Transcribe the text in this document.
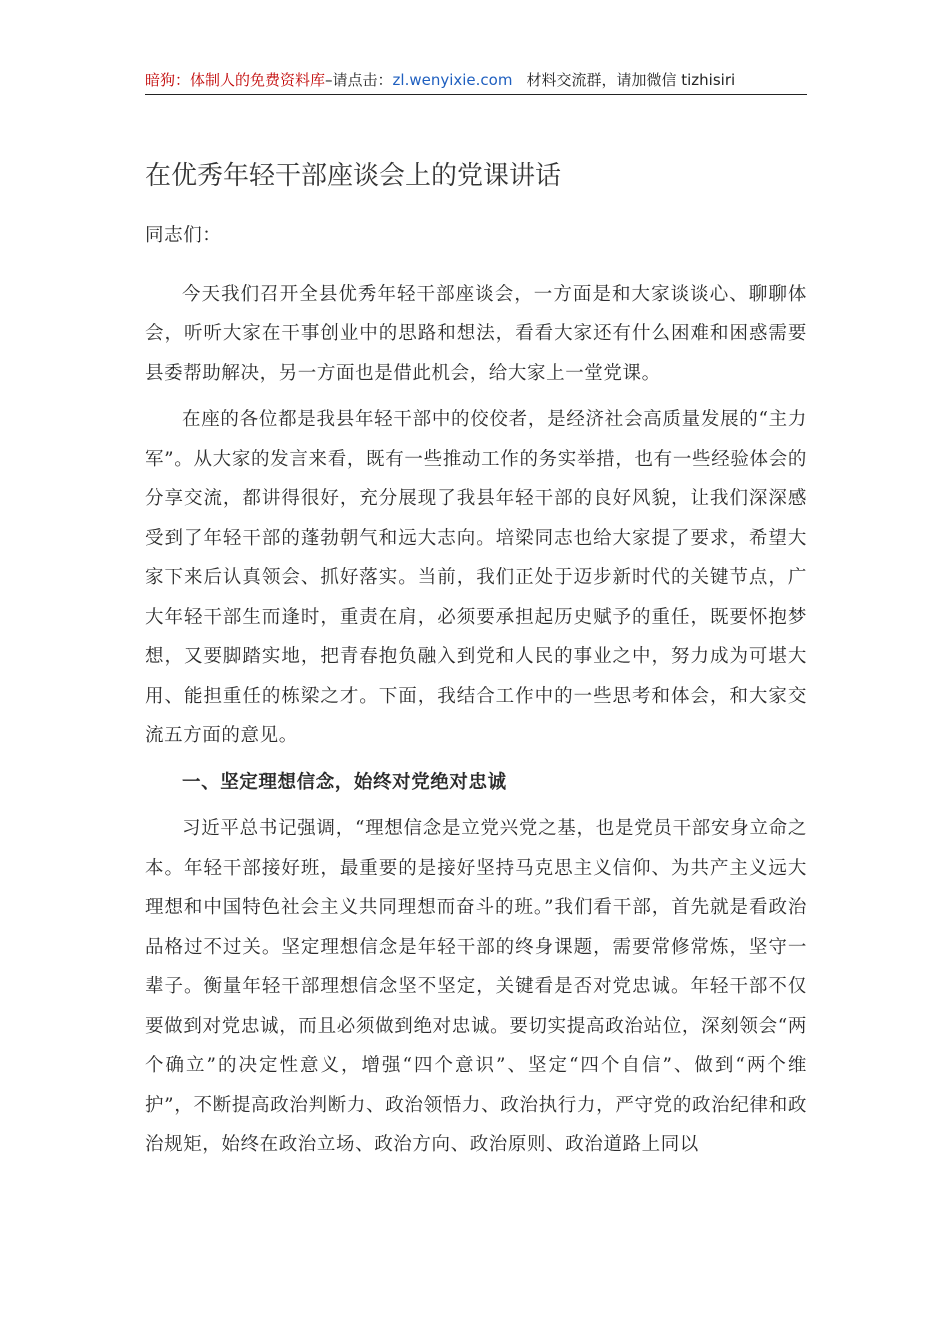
暗狗：体制人的免费资料库–请点击：zl.wenyixie.com 材料交流群，请加微信 tizhisiri
在优秀年轻干部座谈会上的党课讲话

同志们：

今天我们召开全县优秀年轻干部座谈会，一方面是和大家谈谈心、聊聊体会，听听大家在干事创业中的思路和想法，看看大家还有什么困难和困惑需要县委帮助解决，另一方面也是借此机会，给大家上一堂党课。

在座的各位都是我县年轻干部中的佼佼者，是经济社会高质量发展的“主力军”。从大家的发言来看，既有一些推动工作的务实举措，也有一些经验体会的分享交流，都讲得很好，充分展现了我县年轻干部的良好风貌，让我们深深感受到了年轻干部的蓬勃朝气和远大志向。培梁同志也给大家提了要求，希望大家下来后认真领会、抓好落实。当前，我们正处于迈步新时代的关键节点，广大年轻干部生而逢时，重责在肩，必须要承担起历史赋予的重任，既要怀抱梦想，又要脚踏实地，把青春抱负融入到党和人民的事业之中，努力成为可堪大用、能担重任的栋梁之才。下面，我结合工作中的一些思考和体会，和大家交流五方面的意见。

一、坚定理想信念，始终对党绝对忠诚

习近平总书记强调，“理想信念是立党兴党之基，也是党员干部安身立命之本。年轻干部接好班，最重要的是接好坚持马克思主义信仰、为共产主义远大理想和中国特色社会主义共同理想而奋斗的班。”我们看干部，首先就是看政治品格过不过关。坚定理想信念是年轻干部的终身课题，需要常修常炼，坚守一辈子。衡量年轻干部理想信念坚不坚定，关键看是否对党忠诚。年轻干部不仅要做到对党忠诚，而且必须做到绝对忠诚。要切实提高政治站位，深刻领会“两个确立”的决定性意义，增强“四个意识”、坚定“四个自信”、做到“两个维护”，不断提高政治判断力、政治领悟力、政治执行力，严守党的政治纪律和政治规矩，始终在政治立场、政治方向、政治原则、政治道路上同以
